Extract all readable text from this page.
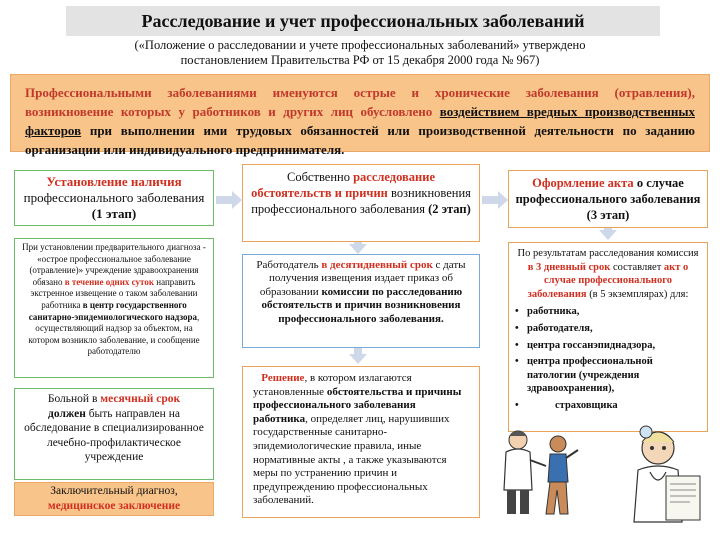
Расследование и учет профессиональных заболеваний
(«Положение о расследовании и учете профессиональных заболеваний» утверждено
постановлением Правительства РФ от 15 декабря 2000 года № 967)
Профессиональными заболеваниями именуются острые и хронические заболевания (отравления), возникновение которых у работников и других лиц обусловлено воздействием вредных производственных факторов при выполнении ими трудовых обязанностей или производственной деятельности по заданию организации или индивидуального предпринимателя.
Установление наличия
профессионального заболевания
(1 этап)
При установлении предварительного диагноза - «острое профессиональное заболевание (отравление)» учреждение здравоохранения обязано в течение одних суток направить экстренное извещение о таком заболевании работника в центр государственного санитарно-эпидемиологического надзора, осуществляющий надзор за объектом, на котором возникло заболевание, и сообщение работодателю
Больной в месячный срок
должен быть направлен на обследование в специализированное лечебно-профилактическое учреждение
Заключительный диагноз,
медицинское заключение
Собственно расследование обстоятельств и причин возникновения профессионального заболевания (2 этап)
Работодатель в десятидневный срок с даты получения извещения издает приказ об образовании комиссии по расследованию обстоятельств и причин возникновения профессионального заболевания.
Решение, в котором излагаются установленные обстоятельства и причины профессионального заболевания работника, определяет лиц, нарушивших государственные санитарно-эпидемиологические правила, иные нормативные акты , а также указываются меры по устранению причин и предупреждению профессиональных заболеваний.
Оформление акта о случае профессионального заболевания (3 этап)
По результатам расследования комиссия в 3 дневный срок составляет акт о случае профессионального заболевания (в 5 экземплярах) для:
• работника,
• работодателя,
• центра госсанэпиднадзора,
• центра профессиональной патологии (учреждения здравоохранения),
• страховщика
